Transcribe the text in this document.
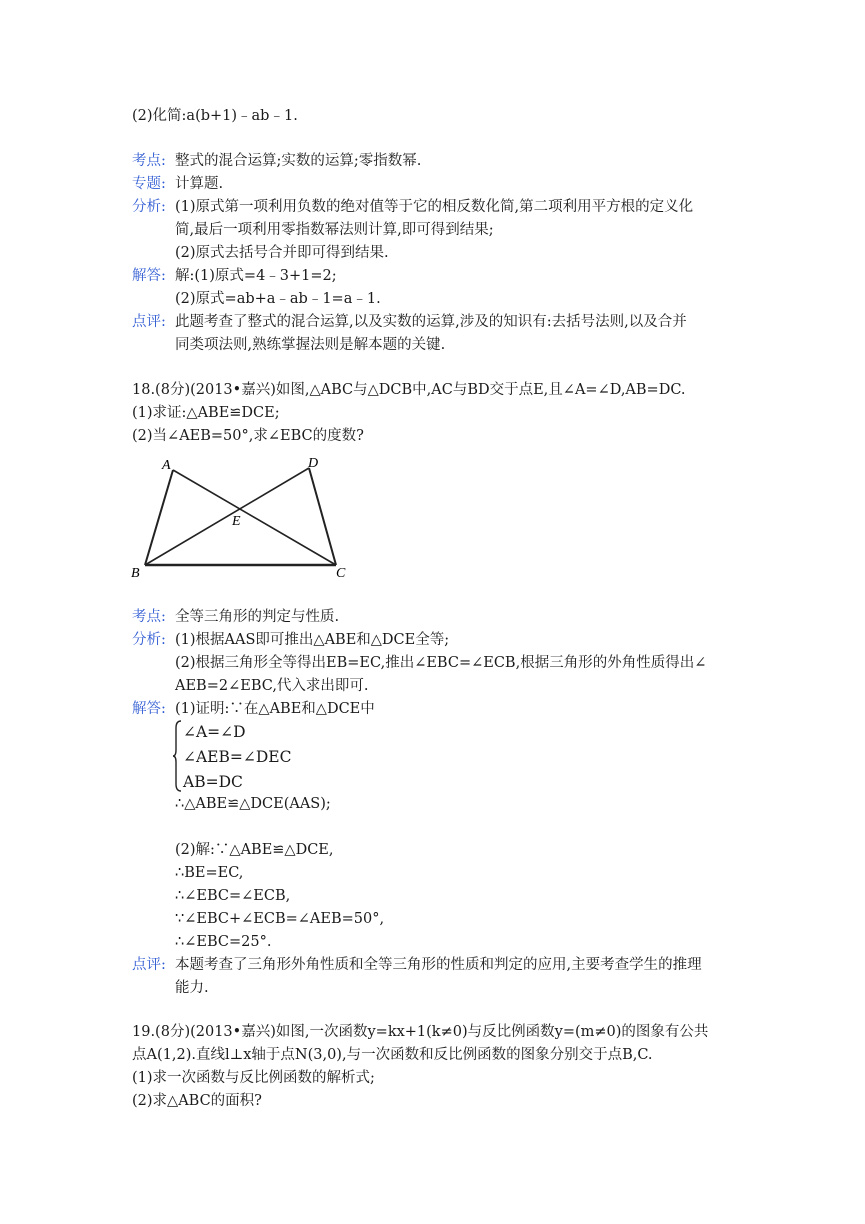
(2)化简:a(b+1)﹣ab﹣1.
考点: 整式的混合运算;实数的运算;零指数幂.
专题: 计算题.
分析: (1)原式第一项利用负数的绝对值等于它的相反数化简,第二项利用平方根的定义化
简,最后一项利用零指数幂法则计算,即可得到结果;
(2)原式去括号合并即可得到结果.
解答: 解:(1)原式=4﹣3+1=2;
(2)原式=ab+a﹣ab﹣1=a﹣1.
点评: 此题考查了整式的混合运算,以及实数的运算,涉及的知识有:去括号法则,以及合并
同类项法则,熟练掌握法则是解本题的关键.
18.(8分)(2013•嘉兴)如图,△ABC与△DCB中,AC与BD交于点E,且∠A=∠D,AB=DC.
(1)求证:△ABE≌DCE;
(2)当∠AEB=50°,求∠EBC的度数?
A	D
E
B	C
考点: 全等三角形的判定与性质.
分析: (1)根据AAS即可推出△ABE和△DCE全等;
(2)根据三角形全等得出EB=EC,推出∠EBC=∠ECB,根据三角形的外角性质得出∠
AEB=2∠EBC,代入求出即可.
解答: (1)证明:∵在△ABE和△DCE中
∠A=∠D
∠AEB=∠DEC
AB=DC
∴△ABE≌△DCE(AAS);
(2)解:∵△ABE≌△DCE,
∴BE=EC,
∴∠EBC=∠ECB,
∵∠EBC+∠ECB=∠AEB=50°,
∴∠EBC=25°.
点评: 本题考查了三角形外角性质和全等三角形的性质和判定的应用,主要考查学生的推理
能力.
19.(8分)(2013•嘉兴)如图,一次函数y=kx+1(k≠0)与反比例函数y=(m≠0)的图象有公共
点A(1,2).直线l⊥x轴于点N(3,0),与一次函数和反比例函数的图象分别交于点B,C.
(1)求一次函数与反比例函数的解析式;
(2)求△ABC的面积?
